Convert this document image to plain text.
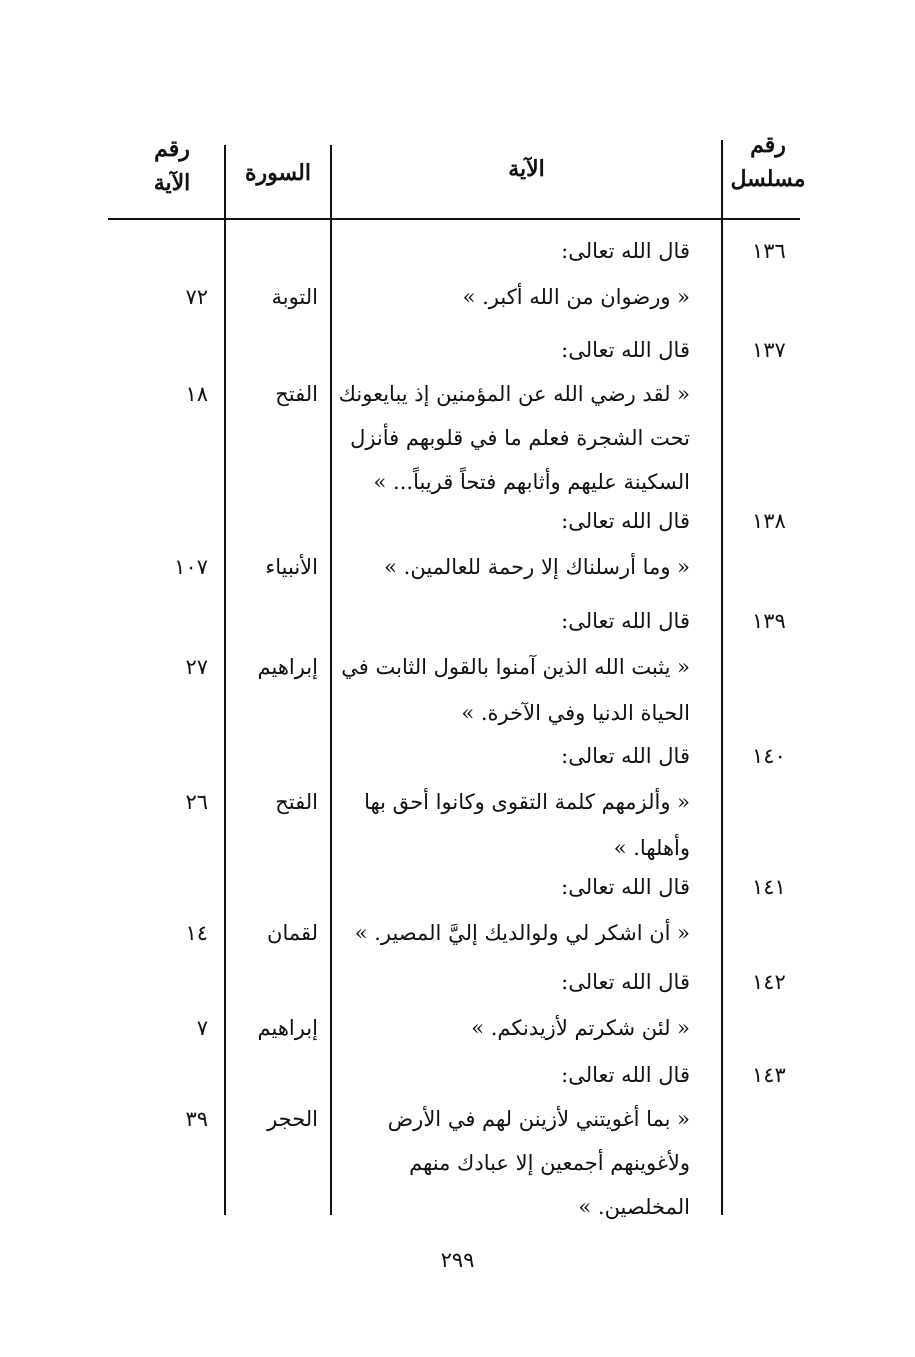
رقم
مسلسل
الآية
السورة
رقم
الآية
١٣٦
قال الله تعالى:
« ورضوان من الله أكبر. »
التوبة
٧٢
١٣٧
قال الله تعالى:
« لقد رضي الله عن المؤمنين إذ يبايعونك
تحت الشجرة فعلم ما في قلوبهم فأنزل
السكينة عليهم وأثابهم فتحاً قريباً... »
الفتح
١٨
١٣٨
قال الله تعالى:
« وما أرسلناك إلا رحمة للعالمين. »
الأنبياء
١٠٧
١٣٩
قال الله تعالى:
« يثبت الله الذين آمنوا بالقول الثابت في
الحياة الدنيا وفي الآخرة. »
إبراهيم
٢٧
١٤٠
قال الله تعالى:
« وألزمهم كلمة التقوى وكانوا أحق بها
وأهلها. »
الفتح
٢٦
١٤١
قال الله تعالى:
« أن اشكر لي ولوالديك إليَّ المصير. »
لقمان
١٤
١٤٢
قال الله تعالى:
« لئن شكرتم لأزيدنكم. »
إبراهيم
٧
١٤٣
قال الله تعالى:
« بما أغويتني لأزينن لهم في الأرض
ولأغوينهم أجمعين إلا عبادك منهم
المخلصين. »
الحجر
٣٩
٢٩٩
